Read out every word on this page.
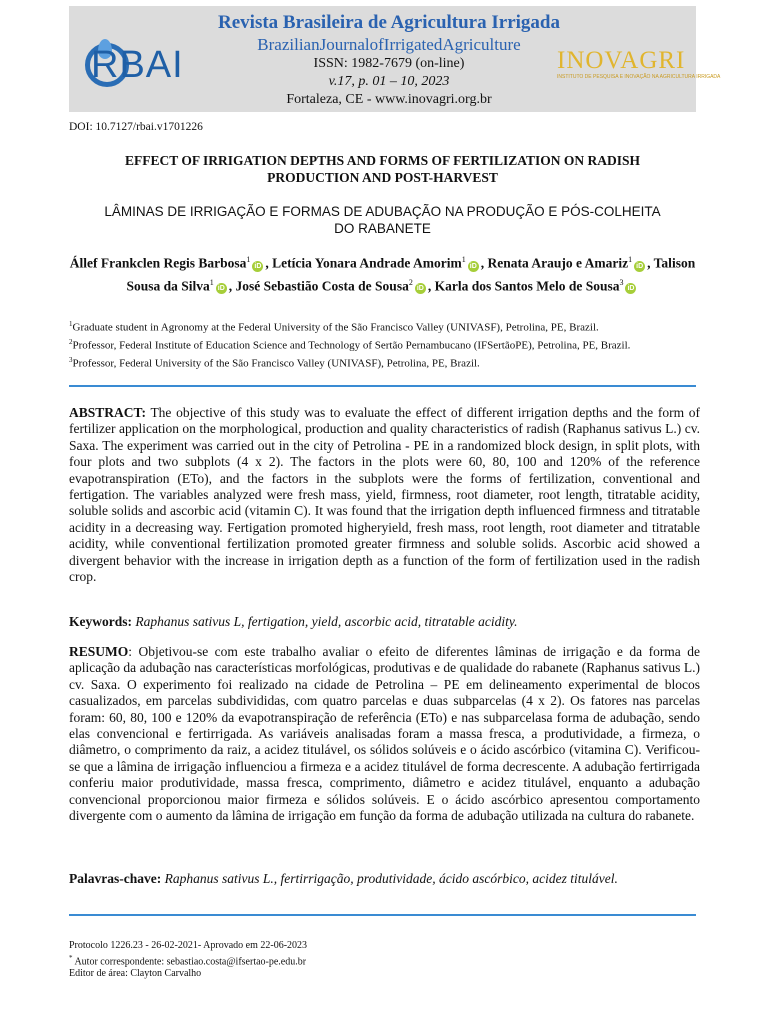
RBAI
Revista Brasileira de Agricultura Irrigada
BrazilianJournalofIrrigatedAgriculture
ISSN: 1982-7679 (on-line)
v.17, p. 01 – 10, 2023
Fortaleza, CE - www.inovagri.org.br
INOVAGRI
INSTITUTO DE PESQUISA E INOVAÇÃO NA AGRICULTURA IRRIGADA
DOI: 10.7127/rbai.v1701226
EFFECT OF IRRIGATION DEPTHS AND FORMS OF FERTILIZATION ON RADISH
PRODUCTION AND POST-HARVEST
LÂMINAS DE IRRIGAÇÃO E FORMAS DE ADUBAÇÃO NA PRODUÇÃO E PÓS-COLHEITA
DO RABANETE
Állef Frankclen Regis Barbosa$^1$iD , Letícia Yonara Andrade Amorim$^1$iD , Renata Araujo e Amariz$^1$iD , Talison Sousa da Silva$^1$iD , José Sebastião Costa de Sousa$^2$iD , Karla dos Santos Melo de Sousa$^3$iD
$^1$Graduate student in Agronomy at the Federal University of the São Francisco Valley (UNIVASF), Petrolina, PE, Brazil.
$^2$Professor, Federal Institute of Education Science and Technology of Sertão Pernambucano (IFSertãoPE), Petrolina, PE, Brazil.
$^3$Professor, Federal University of the São Francisco Valley (UNIVASF), Petrolina, PE, Brazil.
ABSTRACT: The objective of this study was to evaluate the effect of different irrigation depths and the form of fertilizer application on the morphological, production and quality characteristics of radish (Raphanus sativus L.) cv. Saxa. The experiment was carried out in the city of Petrolina - PE in a randomized block design, in split plots, with four plots and two subplots (4 x 2). The factors in the plots were 60, 80, 100 and 120% of the reference evapotranspiration (ETo), and the factors in the subplots were the forms of fertilization, conventional and fertigation. The variables analyzed were fresh mass, yield, firmness, root diameter, root length, titratable acidity, soluble solids and ascorbic acid (vitamin C). It was found that the irrigation depth influenced firmness and titratable acidity in a decreasing way. Fertigation promoted higheryield, fresh mass, root length, root diameter and titratable acidity, while conventional fertilization promoted greater firmness and soluble solids. Ascorbic acid showed a divergent behavior with the increase in irrigation depth as a function of the form of fertilization used in the radish crop.
Keywords: Raphanus sativus L, fertigation, yield, ascorbic acid, titratable acidity.
RESUMO: Objetivou-se com este trabalho avaliar o efeito de diferentes lâminas de irrigação e da forma de aplicação da adubação nas características morfológicas, produtivas e de qualidade do rabanete (Raphanus sativus L.) cv. Saxa. O experimento foi realizado na cidade de Petrolina – PE em delineamento experimental de blocos casualizados, em parcelas subdivididas, com quatro parcelas e duas subparcelas (4 x 2). Os fatores nas parcelas foram: 60, 80, 100 e 120% da evapotranspiração de referência (ETo) e nas subparcelasa forma de adubação, sendo elas convencional e fertirrigada. As variáveis analisadas foram a massa fresca, a produtividade, a firmeza, o diâmetro, o comprimento da raiz, a acidez titulável, os sólidos solúveis e o ácido ascórbico (vitamina C). Verificou-se que a lâmina de irrigação influenciou a firmeza e a acidez titulável de forma decrescente. A adubação fertirrigada conferiu maior produtividade, massa fresca, comprimento, diâmetro e acidez titulável, enquanto a adubação convencional proporcionou maior firmeza e sólidos solúveis. E o ácido ascórbico apresentou comportamento divergente com o aumento da lâmina de irrigação em função da forma de adubação utilizada na cultura do rabanete.
Palavras-chave: Raphanus sativus L., fertirrigação, produtividade, ácido ascórbico, acidez titulável.
Protocolo 1226.23 - 26-02-2021- Aprovado em 22-06-2023
* Autor correspondente: sebastiao.costa@ifsertao-pe.edu.br
Editor de área: Clayton Carvalho
